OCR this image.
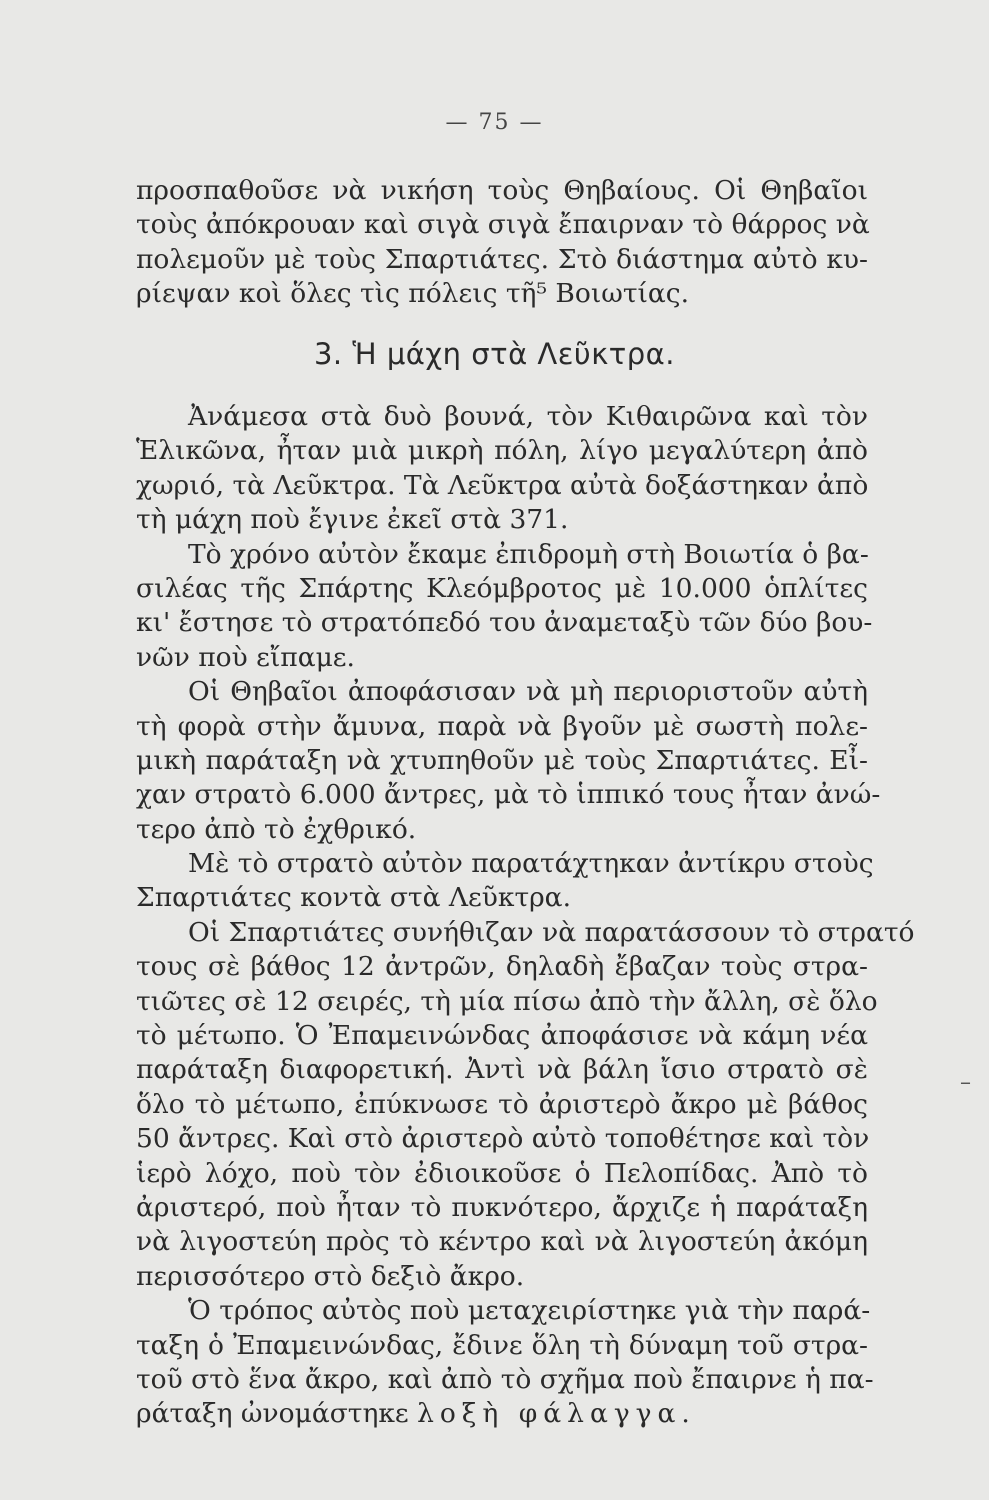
— 75 —
προσπαθοῦσε νὰ νικήση τοὺς Θηβαίους. Οἱ Θηβαῖοι
τοὺς ἀπόκρουαν καὶ σιγὰ σιγὰ ἔπαιρναν τὸ θάρρος νὰ
πολεμοῦν μὲ τοὺς Σπαρτιάτες. Στὸ διάστημα αὐτὸ κυ-
ρίεψαν κοὶ ὅλες τὶς πόλεις τῆ⁵ Βοιωτίας.
3. Ἡ μάχη στὰ Λεῦκτρα.
Ἀνάμεσα στὰ δυὸ βουνά, τὸν Κιθαιρῶνα καὶ τὸν
Ἑλικῶνα, ἦταν μιὰ μικρὴ πόλη, λίγο μεγαλύτερη ἀπὸ
χωριό, τὰ Λεῦκτρα. Τὰ Λεῦκτρα αὐτὰ δοξάστηκαν ἀπὸ
τὴ μάχη ποὺ ἔγινε ἐκεῖ στὰ 371.
Τὸ χρόνο αὐτὸν ἔκαμε ἐπιδρομὴ στὴ Βοιωτία ὁ βα-
σιλέας τῆς Σπάρτης Κλεόμβροτος μὲ 10.000 ὁπλίτες
κι' ἔστησε τὸ στρατόπεδό του ἀναμεταξὺ τῶν δύο βου-
νῶν ποὺ εἴπαμε.
Οἱ Θηβαῖοι ἀποφάσισαν νὰ μὴ περιοριστοῦν αὐτὴ
τὴ φορὰ στὴν ἄμυνα, παρὰ νὰ βγοῦν μὲ σωστὴ πολε-
μικὴ παράταξη νὰ χτυπηθοῦν μὲ τοὺς Σπαρτιάτες. Εἶ-
χαν στρατὸ 6.000 ἄντρες, μὰ τὸ ἱππικό τους ἦταν ἀνώ-
τερο ἀπὸ τὸ ἐχθρικό.
Μὲ τὸ στρατὸ αὐτὸν παρατάχτηκαν ἀντίκρυ στοὺς
Σπαρτιάτες κοντὰ στὰ Λεῦκτρα.
Οἱ Σπαρτιάτες συνήθιζαν νὰ παρατάσσουν τὸ στρατό
τους σὲ βάθος 12 ἀντρῶν, δηλαδὴ ἔβαζαν τοὺς στρα-
τιῶτες σὲ 12 σειρές, τὴ μία πίσω ἀπὸ τὴν ἄλλη, σὲ ὅλο
τὸ μέτωπο. Ὁ Ἐπαμεινώνδας ἀποφάσισε νὰ κάμη νέα
παράταξη διαφορετική. Ἀντὶ νὰ βάλη ἴσιο στρατὸ σὲ
ὅλο τὸ μέτωπο, ἐπύκνωσε τὸ ἀριστερὸ ἄκρο μὲ βάθος
50 ἄντρες. Καὶ στὸ ἀριστερὸ αὐτὸ τοποθέτησε καὶ τὸν
ἱερὸ λόχο, ποὺ τὸν ἐδιοικοῦσε ὁ Πελοπίδας. Ἀπὸ τὸ
ἀριστερό, ποὺ ἦταν τὸ πυκνότερο, ἄρχιζε ἡ παράταξη
νὰ λιγοστεύη πρὸς τὸ κέντρο καὶ νὰ λιγοστεύη ἀκόμη
περισσότερο στὸ δεξιὸ ἄκρο.
Ὁ τρόπος αὐτὸς ποὺ μεταχειρίστηκε γιὰ τὴν παρά-
ταξη ὁ Ἐπαμεινώνδας, ἔδινε ὅλη τὴ δύναμη τοῦ στρα-
τοῦ στὸ ἕνα ἄκρο, καὶ ἀπὸ τὸ σχῆμα ποὺ ἔπαιρνε ἡ πα-
ράταξη ὠνομάστηκε λοξὴ φάλαγγα.
–
